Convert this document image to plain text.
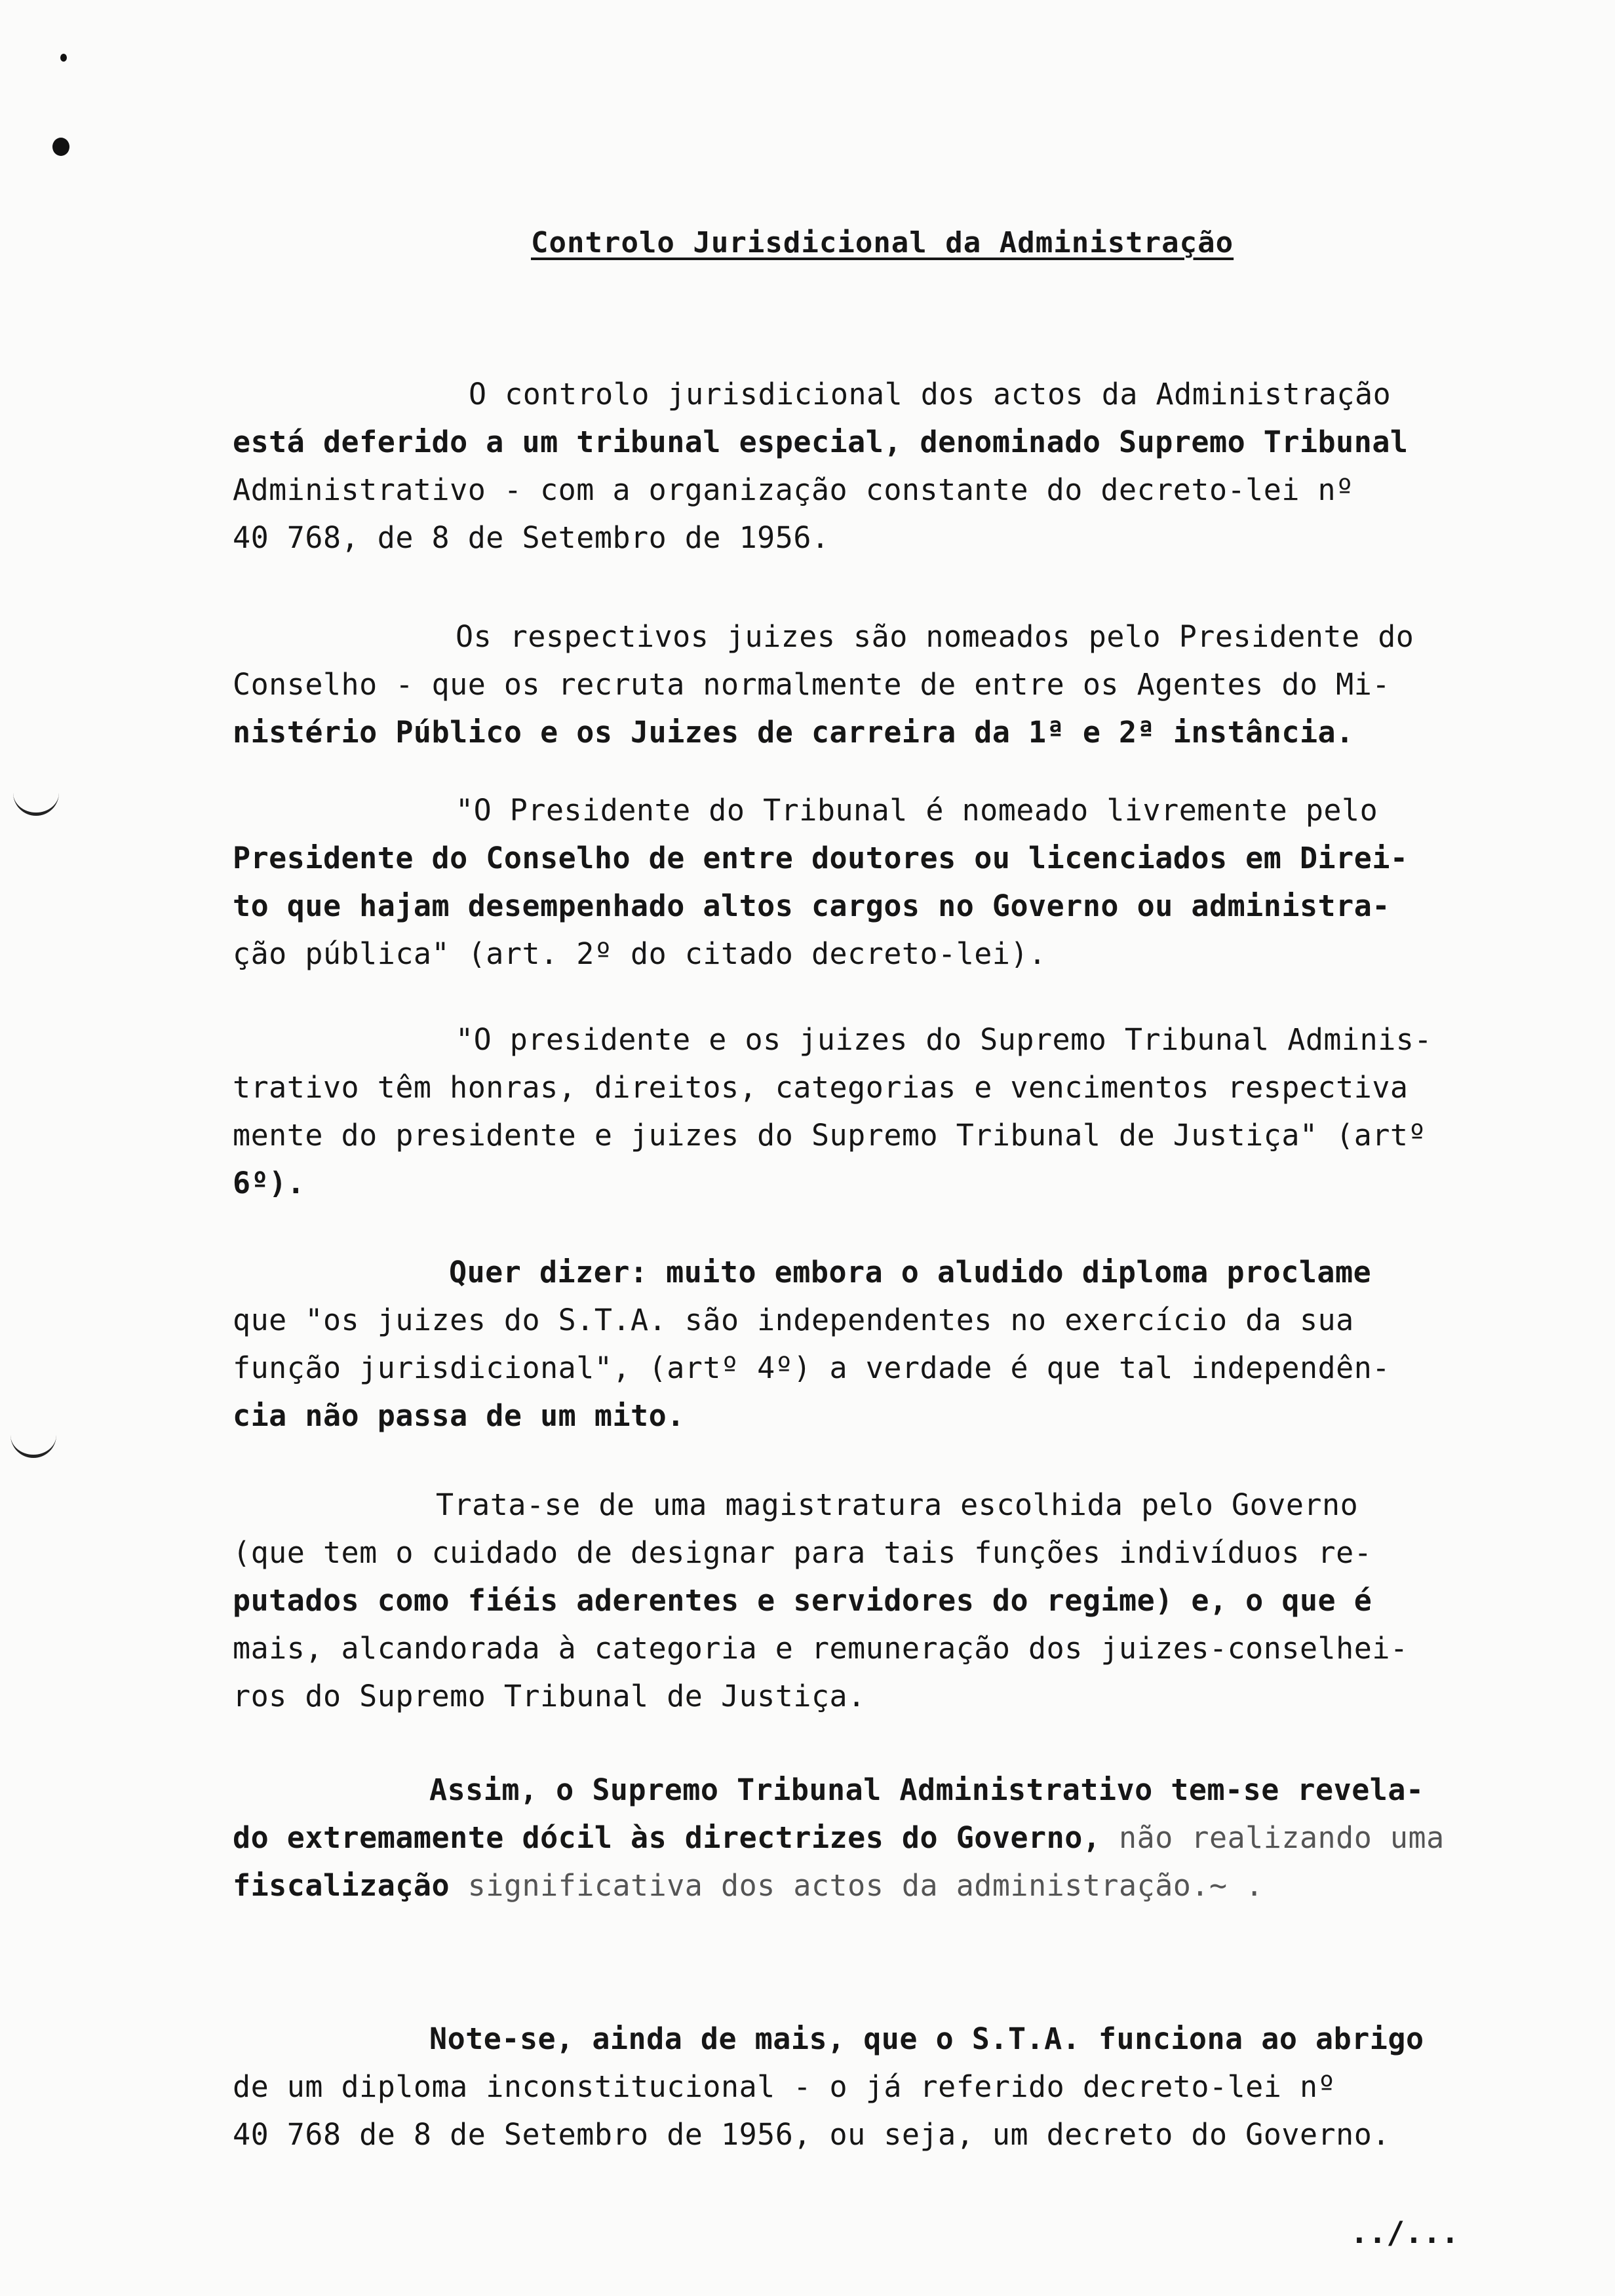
Controlo Jurisdicional da Administração
O controlo jurisdicional dos actos da Administração
está deferido a um tribunal especial, denominado Supremo Tribunal
Administrativo - com a organização constante do decreto-lei nº
40 768, de 8 de Setembro de 1956.
Os respectivos juizes são nomeados pelo Presidente do
Conselho - que os recruta normalmente de entre os Agentes do Mi-
nistério Público e os Juizes de carreira da 1ª e 2ª instância.
"O Presidente do Tribunal é nomeado livremente pelo
Presidente do Conselho de entre doutores ou licenciados em Direi-
to que hajam desempenhado altos cargos no Governo ou administra-
ção pública" (art. 2º do citado decreto-lei).
"O presidente e os juizes do Supremo Tribunal Adminis-
trativo têm honras, direitos, categorias e vencimentos respectiva
mente do presidente e juizes do Supremo Tribunal de Justiça" (artº
6º).
Quer dizer: muito embora o aludido diploma proclame
que "os juizes do S.T.A. são independentes no exercício da sua
função jurisdicional", (artº 4º) a verdade é que tal independên-
cia não passa de um mito.
Trata-se de uma magistratura escolhida pelo Governo
(que tem o cuidado de designar para tais funções indivíduos re-
putados como fiéis aderentes e servidores do regime) e, o que é
mais, alcandorada à categoria e remuneração dos juizes-conselhei-
ros do Supremo Tribunal de Justiça.
Assim, o Supremo Tribunal Administrativo tem-se revela-
do extremamente dócil às directrizes do Governo, não realizando uma
fiscalização significativa dos actos da administração.~ .
Note-se, ainda de mais, que o S.T.A. funciona ao abrigo
de um diploma inconstitucional - o já referido decreto-lei nº
40 768 de 8 de Setembro de 1956, ou seja, um decreto do Governo.
../...
